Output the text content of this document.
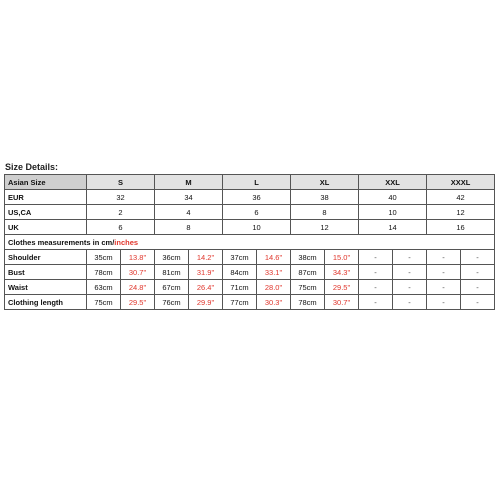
Size Details:
Asian Size	S		M		L		XL		XXL		XXXL	
EUR	32		34		36		38		40		42	
US,CA	2		4		6		8		10		12	
UK	6		8		10		12		14		16	
Clothes measurements in cm/inches												
Shoulder	35cm	13.8"	36cm	14.2"	37cm	14.6"	38cm	15.0"	-	-	-	-
Bust	78cm	30.7"	81cm	31.9"	84cm	33.1"	87cm	34.3"	-	-	-	-
Waist	63cm	24.8"	67cm	26.4"	71cm	28.0"	75cm	29.5"	-	-	-	-
Clothing length	75cm	29.5"	76cm	29.9"	77cm	30.3"	78cm	30.7"	-	-	-	-
